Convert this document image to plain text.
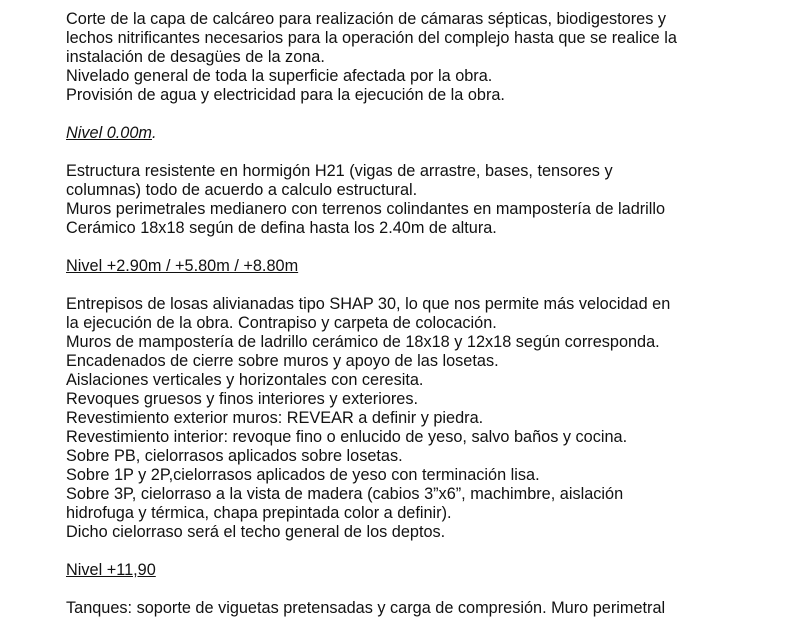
Corte de la capa de calcáreo para realización de cámaras sépticas, biodigestores y
lechos nitrificantes necesarios para la operación del complejo hasta que se realice la
instalación de desagües de la zona.
Nivelado general de toda la superficie afectada por la obra.
Provisión de agua y electricidad para la ejecución de la obra.
Nivel 0.00m.
Estructura resistente en hormigón H21 (vigas de arrastre, bases, tensores y
columnas) todo de acuerdo a calculo estructural.
Muros perimetrales medianero con terrenos colindantes en mampostería de ladrillo
Cerámico 18x18 según de defina hasta los 2.40m de altura.
Nivel +2.90m / +5.80m / +8.80m
Entrepisos de losas alivianadas tipo SHAP 30, lo que nos permite más velocidad en
la ejecución de la obra. Contrapiso y carpeta de colocación.
Muros de mampostería de ladrillo cerámico de 18x18 y 12x18 según corresponda.
Encadenados de cierre sobre muros y apoyo de las losetas.
Aislaciones verticales y horizontales con ceresita.
Revoques gruesos y finos interiores y exteriores.
Revestimiento exterior muros: REVEAR a definir y piedra.
Revestimiento interior: revoque fino o enlucido de yeso, salvo baños y cocina.
Sobre PB, cielorrasos aplicados sobre losetas.
Sobre 1P y 2P,cielorrasos aplicados de yeso con terminación lisa.
Sobre 3P, cielorraso a la vista de madera (cabios 3”x6”, machimbre, aislación
hidrofuga y térmica, chapa prepintada color a definir).
Dicho cielorraso será el techo general de los deptos.
Nivel +11,90
Tanques: soporte de viguetas pretensadas y carga de compresión. Muro perimetral
